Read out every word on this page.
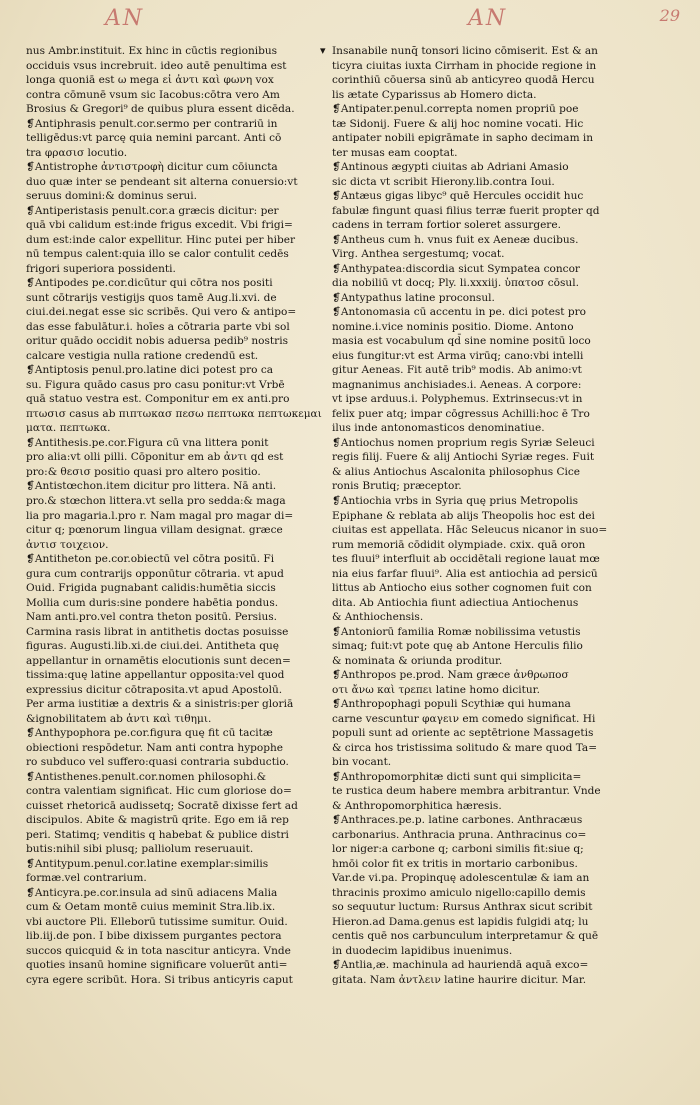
AN	AN	29
▾
nus Ambr.instituit. Ex hinc in cūctis regionibus
occiduis vsus increbruit. ideo autē penultima est
longa quoniā est ω mega εἰ ἀντι καὶ φωνη vox
contra cōmunē vsum sic Iacobus:cōtra vero Am
Brosius & Gregori⁹ de quibus plura essent dicēda.
❡Antiphrasis penult.cor.sermo per contrariū in
telligēdus:vt parcę quia nemini parcant. Anti cō
tra φρασισ locutio.
❡Antistrophe ἀντιστροφὴ dicitur cum cōiuncta
duo quæ inter se pendeant sit alterna conuersio:vt
seruus domini:& dominus serui.
❡Antiperistasis penult.cor.a græcis dicitur: per
quā vbi calidum est:inde frigus excedit. Vbi frigi=
dum est:inde calor expellitur. Hinc putei per hiber
nū tempus calent:quia illo se calor contulit cedēs
frigori superiora possidenti.
❡Antipodes pe.cor.dicūtur qui cōtra nos positi
sunt cōtrarijs vestigijs quos tamē Aug.li.xvi. de
ciui.dei.negat esse sic scribēs. Qui vero & antipo=
das esse fabulātur.i. hoīes a cōtraria parte vbi sol
oritur quādo occidit nobis aduersa pedib⁹ nostris
calcare vestigia nulla ratione credendū est.
❡Antiptosis penul.pro.latine dici potest pro ca
su. Figura quādo casus pro casu ponitur:vt Vrbē
quā statuo vestra est. Componitur em ex anti.pro
πτωσισ casus ab πιπτωκασ πεσω πεπτωκα πεπτωκεμαι
ματα. πεπτωκα.
❡Antithesis.pe.cor.Figura cū vna littera ponit
pro alia:vt olli pilli. Cōponitur em ab ἀντι qd est
pro:& θεσισ positio quasi pro altero positio.
❡Antistœchon.item dicitur pro littera. Nā anti.
pro.& stœchon littera.vt sella pro sedda:& maga
lia pro magaria.l.pro r. Nam magal pro magar di=
citur q; pœnorum lingua villam designat. græce
ἀντισ τοιχειον.
❡Antitheton pe.cor.obiectū vel cōtra positū. Fi
gura cum contrarijs opponūtur cōtraria. vt apud
Ouid. Frigida pugnabant calidis:humētia siccis
Mollia cum duris:sine pondere habētia pondus.
Nam anti.pro.vel contra theton positū. Persius.
Carmina rasis librat in antithetis doctas posuisse
figuras. Augusti.lib.xi.de ciui.dei. Antitheta quę
appellantur in ornamētis elocutionis sunt decen=
tissima:quę latine appellantur opposita:vel quod
expressius dicitur cōtraposita.vt apud Apostolū.
Per arma iustitiæ a dextris & a sinistris:per gloriā
&ignobilitatem ab ἀντι καὶ τιθημι.
❡Anthypophora pe.cor.figura quę fit cū tacitæ
obiectioni respōdetur. Nam anti contra hypophe
ro subduco vel suffero:quasi contraria subductio.
❡Antisthenes.penult.cor.nomen philosophi.&
contra valentiam significat. Hic cum gloriose do=
cuisset rhetoricā audissetq; Socratē dixisse fert ad
discipulos. Abite & magistrū qrite. Ego em iā rep
peri. Statimq; venditis q habebat & publice distri
butis:nihil sibi plusq; palliolum reseruauit.
❡Antitypum.penul.cor.latine exemplar:similis
formæ.vel contrarium.
❡Anticyra.pe.cor.insula ad sinū adiacens Malia
cum & Oetam montē cuius meminit Stra.lib.ix.
vbi auctore Pli. Elleborū tutissime sumitur. Ouid.
lib.iij.de pon. I bibe dixissem purgantes pectora
succos quicquid & in tota nascitur anticyra. Vnde
quoties insanū homine significare voluerūt anti=
cyra egere scribūt. Hora. Si tribus anticyris caput
Insanabile nunq̄ tonsori licino cōmiserit. Est & an
ticyra ciuitas iuxta Cirrham in phocide regione in
corinthiū cōuersa sinū ab anticyreo quodā Hercu
lis ætate Cyparissus ab Homero dicta.
❡Antipater.penul.correpta nomen propriū poe
tæ Sidonij. Fuere & alij hoc nomine vocati. Hic
antipater nobili epigrāmate in sapho decimam in
ter musas eam cooptat.
❡Antinous ægypti ciuitas ab Adriani Amasio
sic dicta vt scribit Hierony.lib.contra Ioui.
❡Antæus gigas libyc⁹ quē Hercules occidit huc
fabulæ fingunt quasi filius terræ fuerit propter qd
cadens in terram fortior soleret assurgere.
❡Antheus cum h. vnus fuit ex Aeneæ ducibus.
Virg. Anthea sergestumq; vocat.
❡Anthypatea:discordia sicut Sympatea concor
dia nobiliū vt docq; Ply. li.xxxiij. ὑπατοσ cōsul.
❡Antypathus latine proconsul.
❡Antonomasia cū accentu in pe. dici potest pro
nomine.i.vice nominis positio. Diome. Antono
masia est vocabulum qd̄ sine nomine positū loco
eius fungitur:vt est Arma virūq; cano:vbi intelli
gitur Aeneas. Fit autē trib⁹ modis. Ab animo:vt
magnanimus anchisiades.i. Aeneas. A corpore:
vt ipse arduus.i. Polyphemus. Extrinsecus:vt in
felix puer atq; impar cōgressus Achilli:hoc ē Tro
ilus inde antonomasticos denominatiue.
❡Antiochus nomen proprium regis Syriæ Seleuci
regis filij. Fuere & alij Antiochi Syriæ reges. Fuit
& alius Antiochus Ascalonita philosophus Cice
ronis Brutiq; præceptor.
❡Antiochia vrbs in Syria quę prius Metropolis
Epiphane & reblata ab alijs Theopolis hoc est dei
ciuitas est appellata. Hāc Seleucus nicanor in suo=
rum memoriā cōdidit olympiade. cxix. quā oron
tes fluui⁹ interfluit ab occidētali regione lauat mœ
nia eius farfar fluui⁹. Alia est antiochia ad persicū
littus ab Antiocho eius sother cognomen fuit con
dita. Ab Antiochia fiunt adiectiua Antiochenus
& Anthiochensis.
❡Antoniorū familia Romæ nobilissima vetustis
simaq; fuit:vt pote quę ab Antone Herculis filio
& nominata & oriunda proditur.
❡Anthropos pe.prod. Nam græce ἀνθρωποσ
οτι ἄνω καὶ τρεπει latine homo dicitur.
❡Anthropophagi populi Scythiæ qui humana
carne vescuntur φαγειν em comedo significat. Hi
populi sunt ad oriente ac septētrione Massagetis
& circa hos tristissima solitudo & mare quod Ta=
bin vocant.
❡Anthropomorphitæ dicti sunt qui simplicita=
te rustica deum habere membra arbitrantur. Vnde
& Anthropomorphitica hæresis.
❡Anthraces.pe.p. latine carbones. Anthracæus
carbonarius. Anthracia pruna. Anthracinus co=
lor niger:a carbone q; carboni similis fit:siue q;
hmōi color fit ex tritis in mortario carbonibus.
Var.de vi.pa. Propinquę adolescentulæ & iam an
thracinis proximo amiculo nigello:capillo demis
so sequutur luctum: Rursus Anthrax sicut scribit
Hieron.ad Dama.genus est lapidis fulgidi atq; lu
centis quē nos carbunculum interpretamur & quē
in duodecim lapidibus inuenimus.
❡Antlia,æ. machinula ad hauriendā aquā exco=
gitata. Nam ἀντλειν latine haurire dicitur. Mar.
